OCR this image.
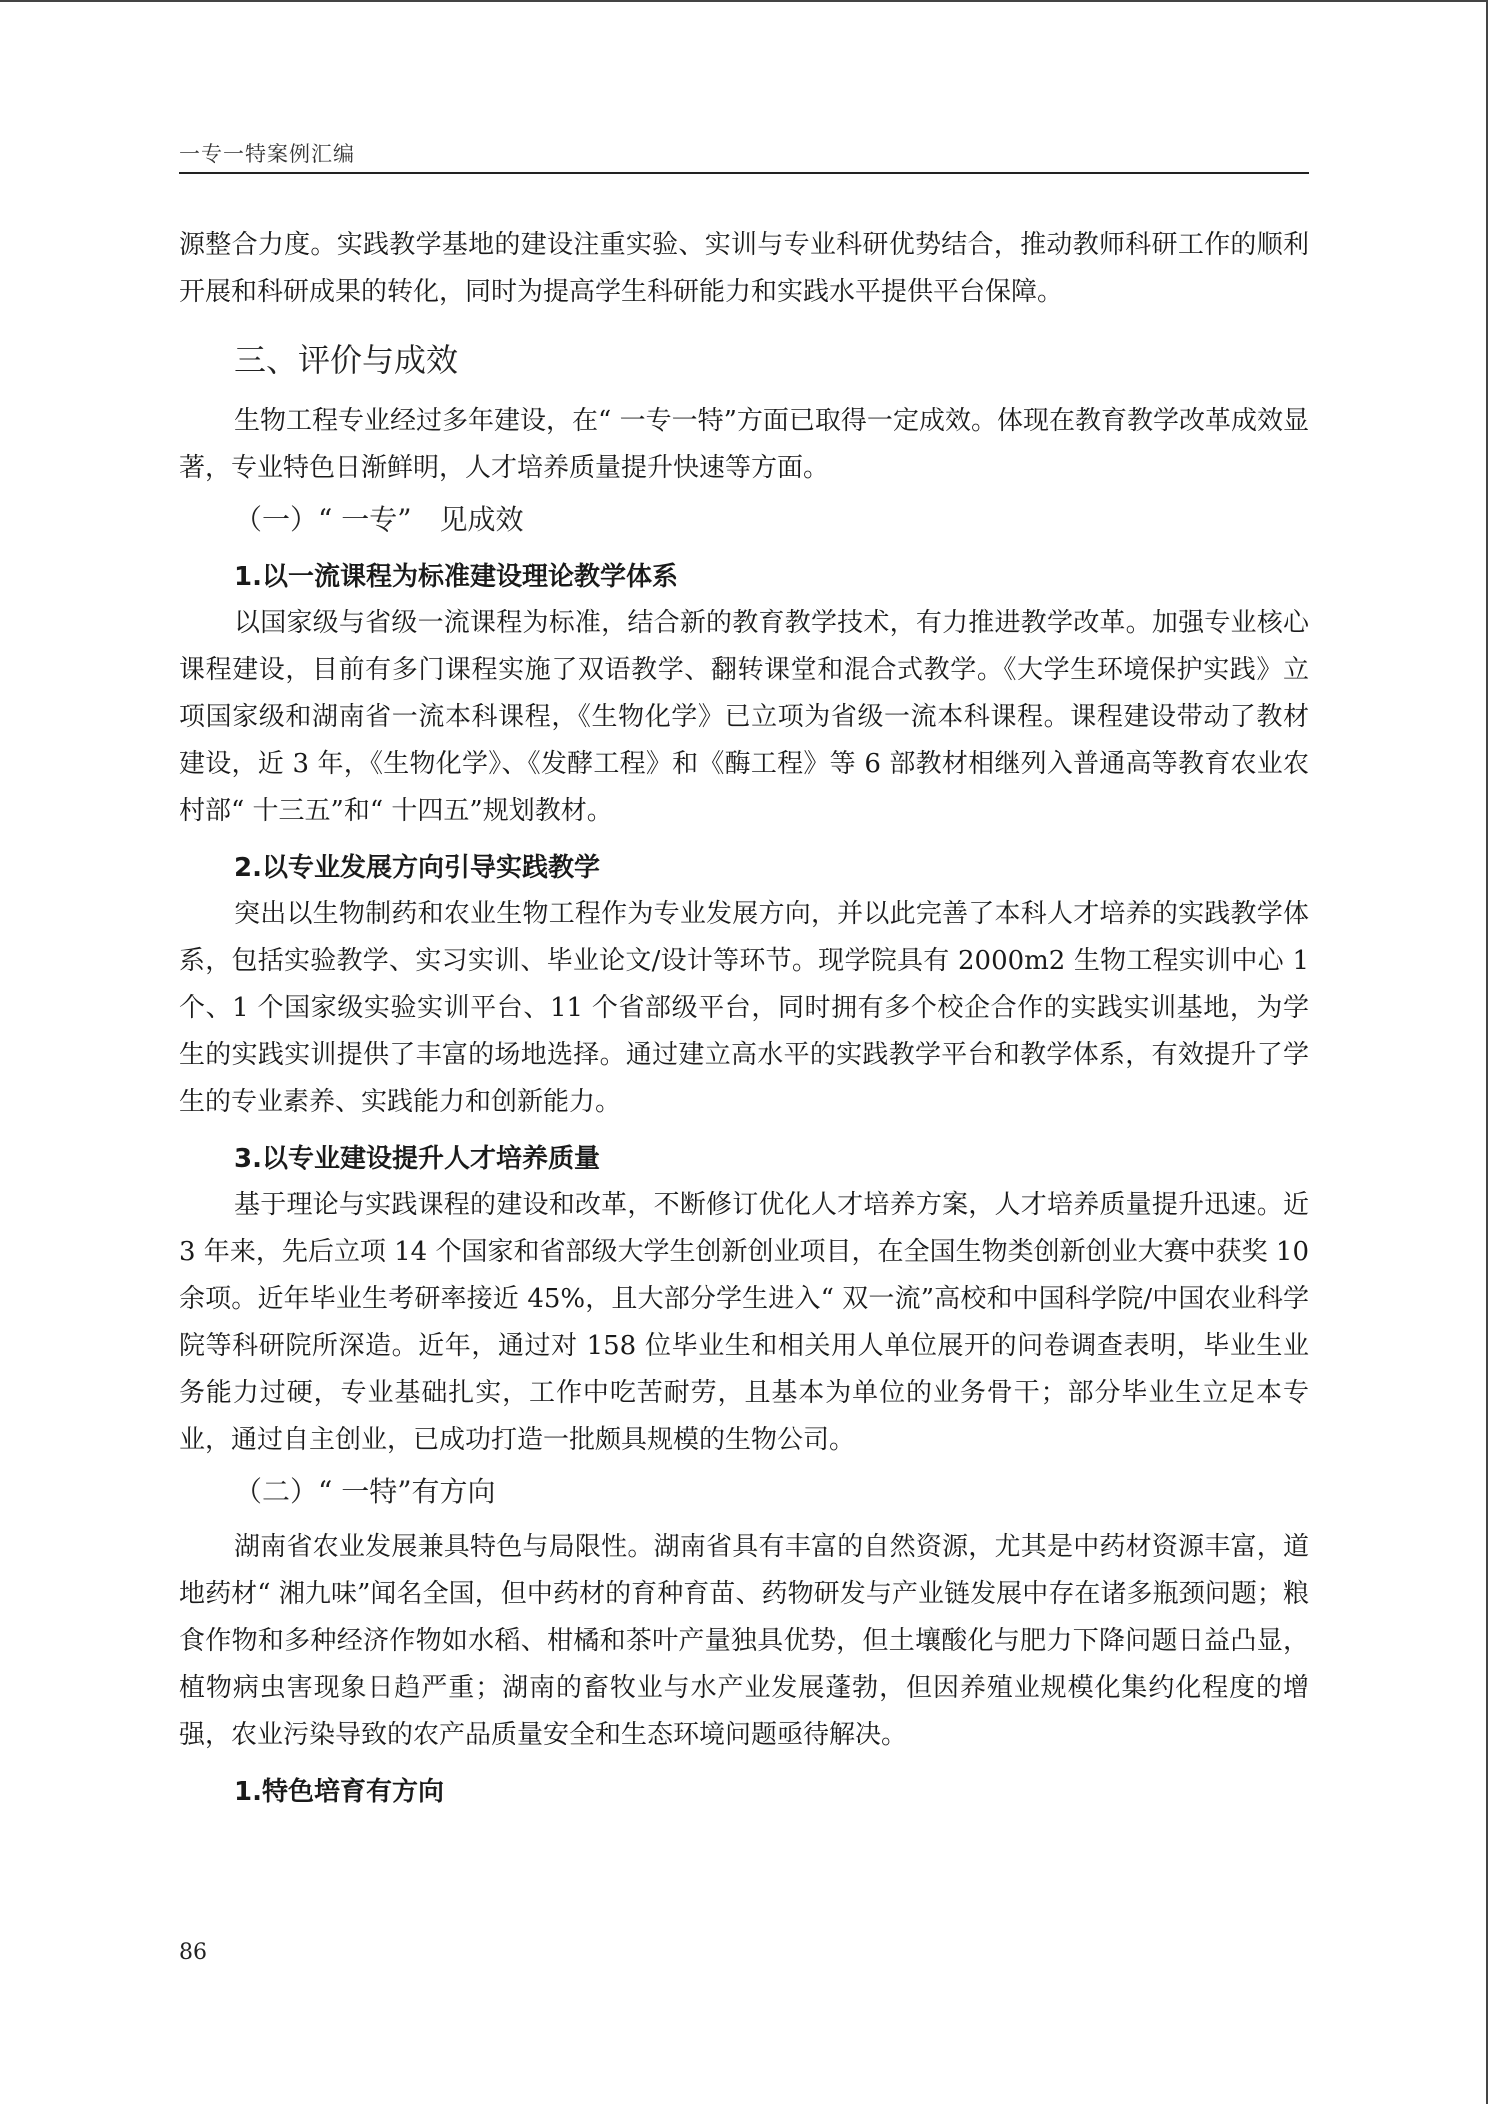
一专一特案例汇编

源整合力度。实践教学基地的建设注重实验、实训与专业科研优势结合，推动教师科研工作的顺利开展和科研成果的转化，同时为提高学生科研能力和实践水平提供平台保障。

三、评价与成效

生物工程专业经过多年建设，在“ 一专一特”方面已取得一定成效。体现在教育教学改革成效显著，专业特色日渐鲜明，人才培养质量提升快速等方面。

（一）“ 一专”　见成效
1.以一流课程为标准建设理论教学体系

以国家级与省级一流课程为标准，结合新的教育教学技术，有力推进教学改革。加强专业核心课程建设，目前有多门课程实施了双语教学、翻转课堂和混合式教学。《大学生环境保护实践》立项国家级和湖南省一流本科课程，《生物化学》已立项为省级一流本科课程。课程建设带动了教材建设，近 3 年，《生物化学》、《发酵工程》和《酶工程》等 6 部教材相继列入普通高等教育农业农村部“ 十三五”和“ 十四五”规划教材。

2.以专业发展方向引导实践教学

突出以生物制药和农业生物工程作为专业发展方向，并以此完善了本科人才培养的实践教学体系，包括实验教学、实习实训、毕业论文/设计等环节。现学院具有 2000m2 生物工程实训中心 1 个、1 个国家级实验实训平台、11 个省部级平台，同时拥有多个校企合作的实践实训基地，为学生的实践实训提供了丰富的场地选择。通过建立高水平的实践教学平台和教学体系，有效提升了学生的专业素养、实践能力和创新能力。

3.以专业建设提升人才培养质量

基于理论与实践课程的建设和改革，不断修订优化人才培养方案，人才培养质量提升迅速。近 3 年来，先后立项 14 个国家和省部级大学生创新创业项目，在全国生物类创新创业大赛中获奖 10 余项。近年毕业生考研率接近 45%，且大部分学生进入“ 双一流”高校和中国科学院/中国农业科学院等科研院所深造。近年，通过对 158 位毕业生和相关用人单位展开的问卷调查表明，毕业生业务能力过硬，专业基础扎实，工作中吃苦耐劳，且基本为单位的业务骨干；部分毕业生立足本专业，通过自主创业，已成功打造一批颇具规模的生物公司。

（二）“ 一特”有方向

湖南省农业发展兼具特色与局限性。湖南省具有丰富的自然资源，尤其是中药材资源丰富，道地药材“ 湘九味”闻名全国，但中药材的育种育苗、药物研发与产业链发展中存在诸多瓶颈问题；粮食作物和多种经济作物如水稻、柑橘和茶叶产量独具优势，但土壤酸化与肥力下降问题日益凸显，植物病虫害现象日趋严重；湖南的畜牧业与水产业发展蓬勃，但因养殖业规模化集约化程度的增强，农业污染导致的农产品质量安全和生态环境问题亟待解决。

1.特色培育有方向
86
